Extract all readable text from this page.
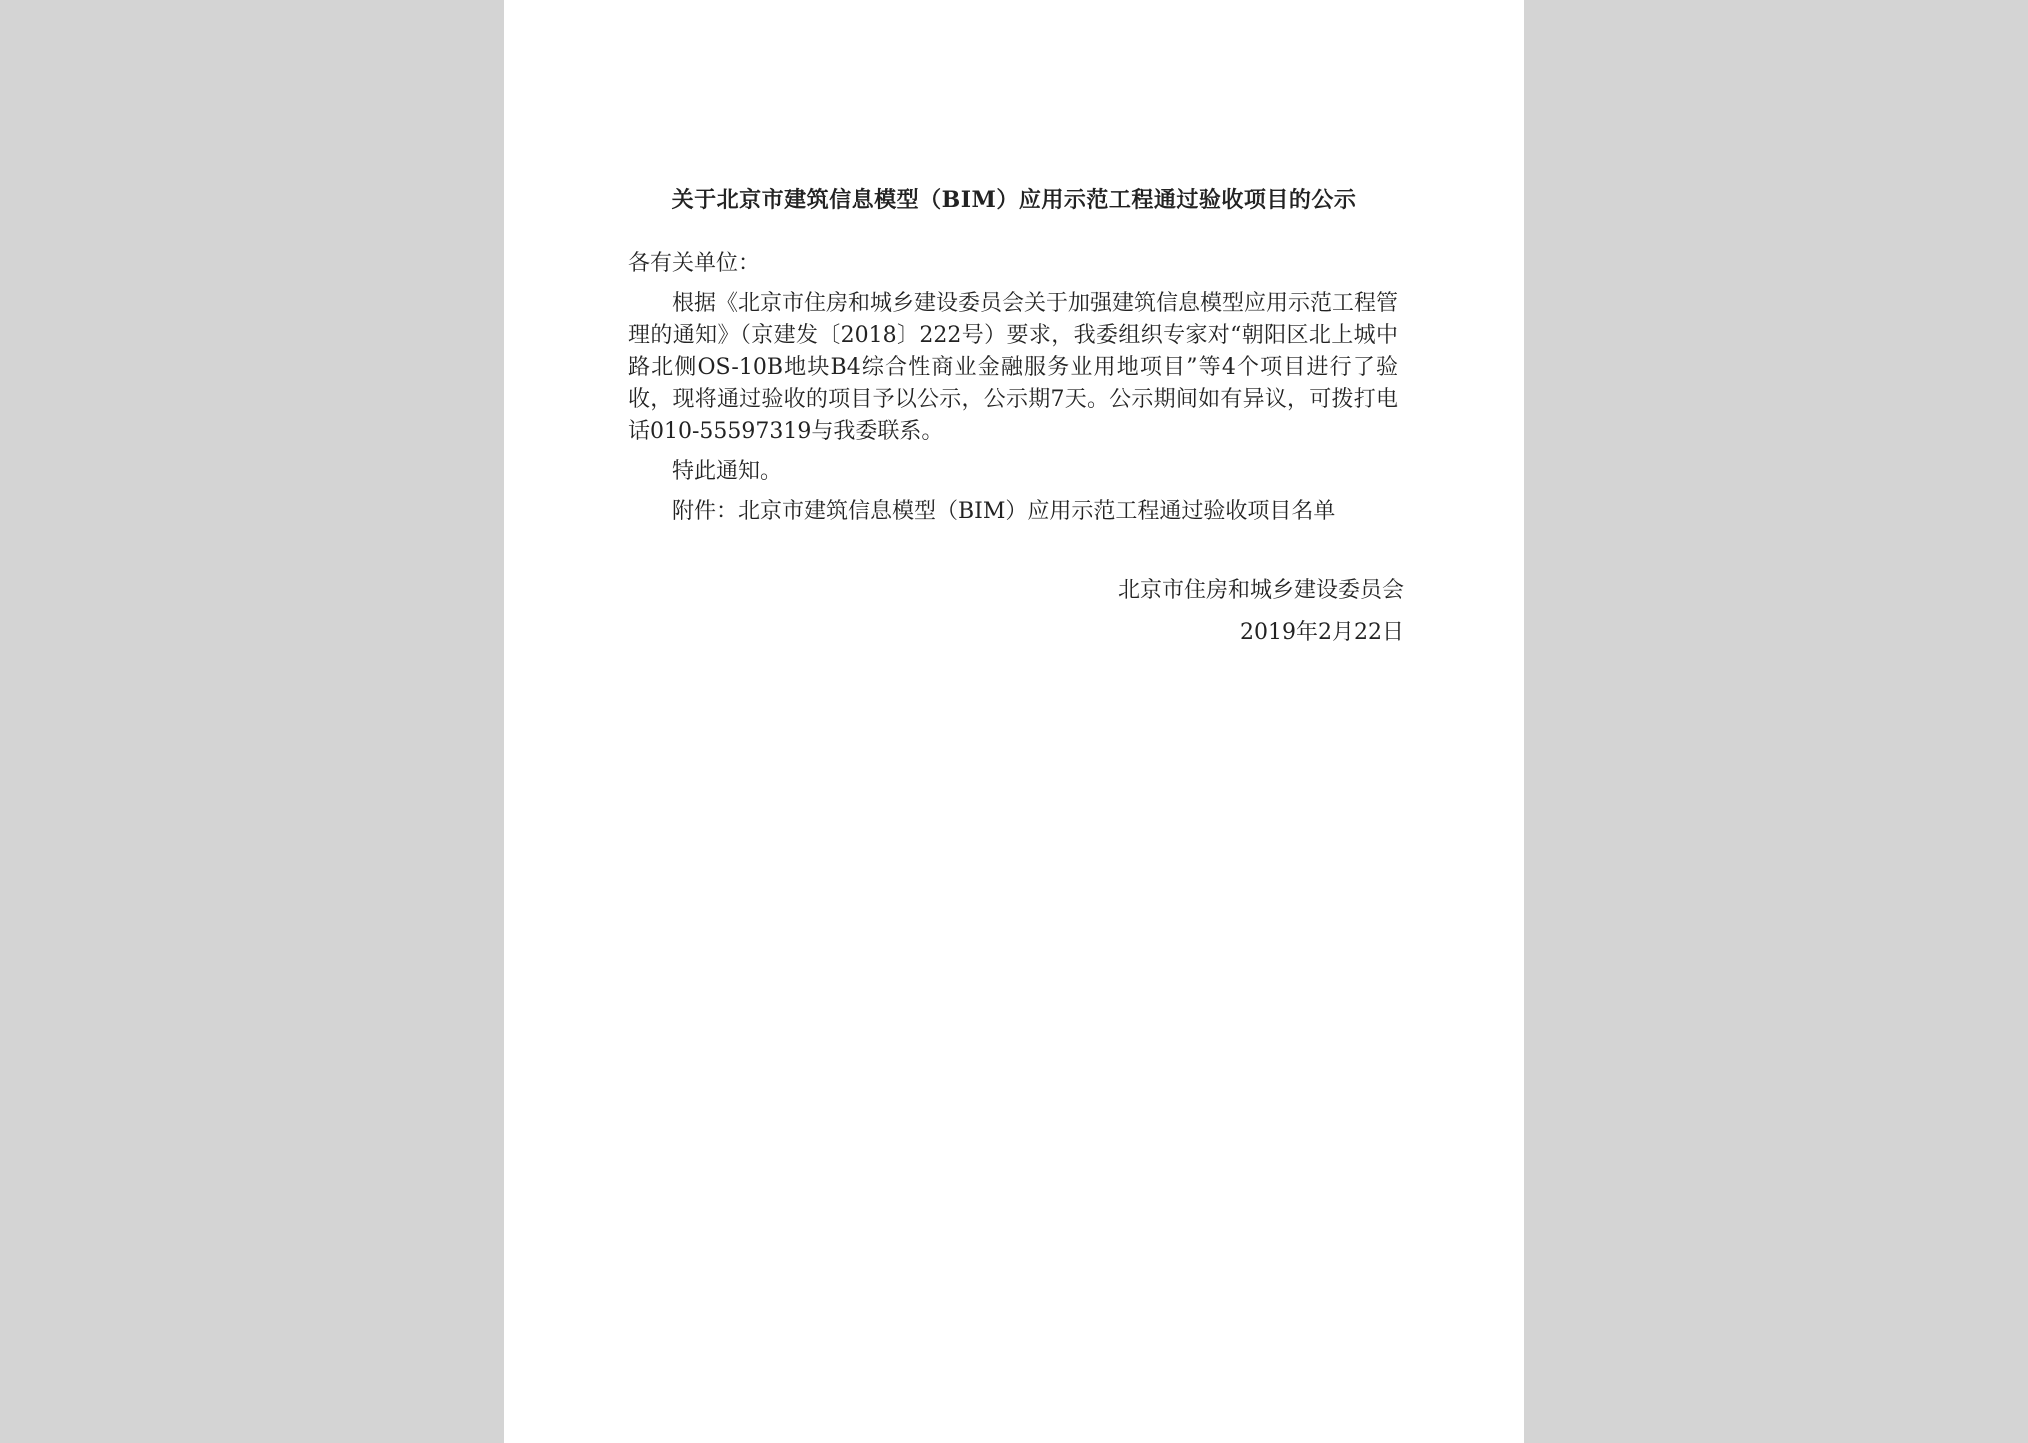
关于北京市建筑信息模型（BIM）应用示范工程通过验收项目的公示

各有关单位：

根据《北京市住房和城乡建设委员会关于加强建筑信息模型应用示范工程管理的通知》（京建发〔2018〕222号）要求，我委组织专家对“朝阳区北上城中路北侧OS-10B地块B4综合性商业金融服务业用地项目”等4个项目进行了验收，现将通过验收的项目予以公示，公示期7天。公示期间如有异议，可拨打电话010-55597319与我委联系。

特此通知。

附件：北京市建筑信息模型（BIM）应用示范工程通过验收项目名单

北京市住房和城乡建设委员会
2019年2月22日
